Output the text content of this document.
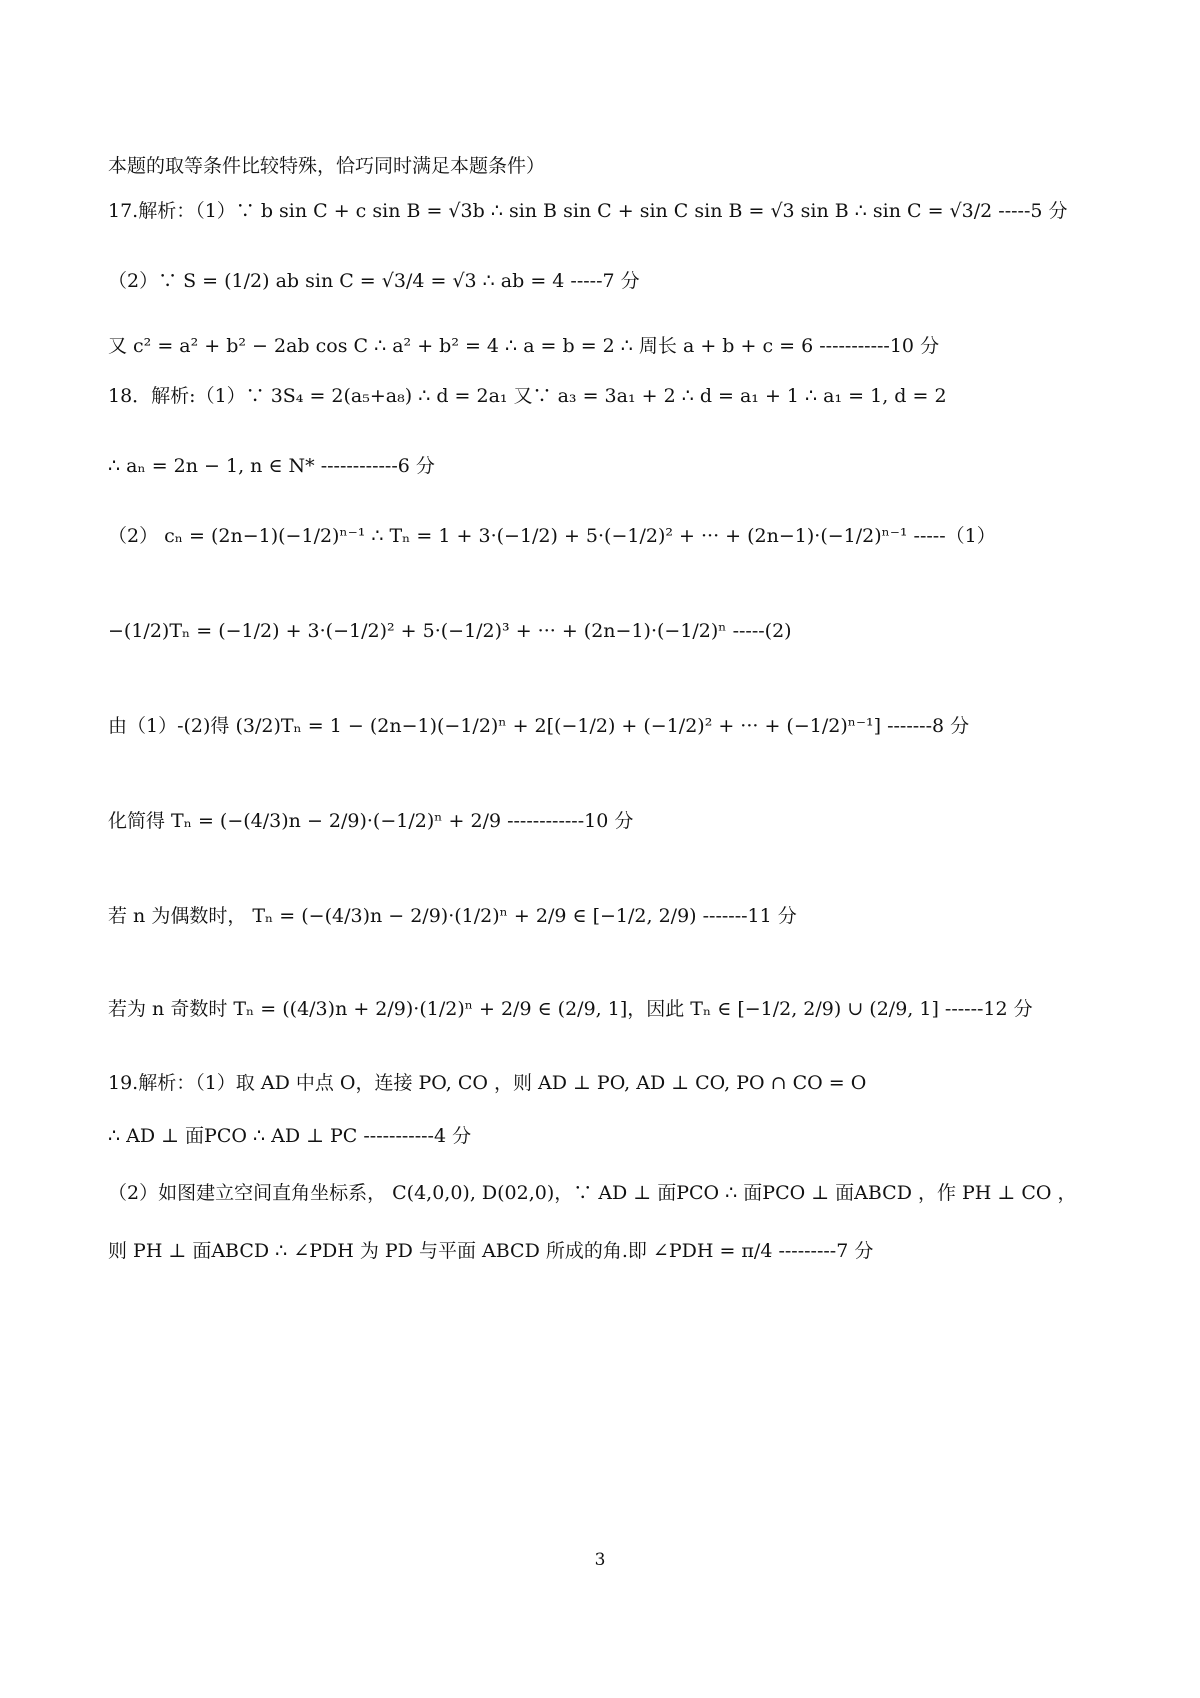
本题的取等条件比较特殊，恰巧同时满足本题条件）
17.解析：（1）∵ b sin C + c sin B = √3b ∴ sin B sin C + sin C sin B = √3 sin B ∴ sin C = √3/2 -----5 分
（2）∵ S = (1/2) ab sin C = √3/4 = √3 ∴ ab = 4 -----7 分
又 c² = a² + b² − 2ab cos C ∴ a² + b² = 4 ∴ a = b = 2 ∴ 周长 a + b + c = 6 -----------10 分
18．解析:（1）∵ 3S₄ = 2(a₅+a₈) ∴ d = 2a₁ 又∵ a₃ = 3a₁ + 2 ∴ d = a₁ + 1 ∴ a₁ = 1, d = 2
∴ aₙ = 2n − 1, n ∈ N* ------------6 分
（2） cₙ = (2n−1)(−1/2)ⁿ⁻¹ ∴ Tₙ = 1 + 3·(−1/2) + 5·(−1/2)² + ··· + (2n−1)·(−1/2)ⁿ⁻¹ -----（1）
−(1/2)Tₙ = (−1/2) + 3·(−1/2)² + 5·(−1/2)³ + ··· + (2n−1)·(−1/2)ⁿ -----(2)
由（1）-(2)得 (3/2)Tₙ = 1 − (2n−1)(−1/2)ⁿ + 2[(−1/2) + (−1/2)² + ··· + (−1/2)ⁿ⁻¹] -------8 分
化简得 Tₙ = (−(4/3)n − 2/9)·(−1/2)ⁿ + 2/9 ------------10 分
若 n 为偶数时， Tₙ = (−(4/3)n − 2/9)·(1/2)ⁿ + 2/9 ∈ [−1/2, 2/9) -------11 分
若为 n 奇数时 Tₙ = ((4/3)n + 2/9)·(1/2)ⁿ + 2/9 ∈ (2/9, 1]，因此 Tₙ ∈ [−1/2, 2/9) ∪ (2/9, 1] ------12 分
19.解析：（1）取 AD 中点 O，连接 PO, CO ，则 AD ⊥ PO, AD ⊥ CO, PO ∩ CO = O
∴ AD ⊥ 面PCO ∴ AD ⊥ PC -----------4 分
（2）如图建立空间直角坐标系， C(4,0,0), D(02,0)，∵ AD ⊥ 面PCO ∴ 面PCO ⊥ 面ABCD ，作 PH ⊥ CO ，
则 PH ⊥ 面ABCD ∴ ∠PDH 为 PD 与平面 ABCD 所成的角.即 ∠PDH = π/4 ---------7 分
3
